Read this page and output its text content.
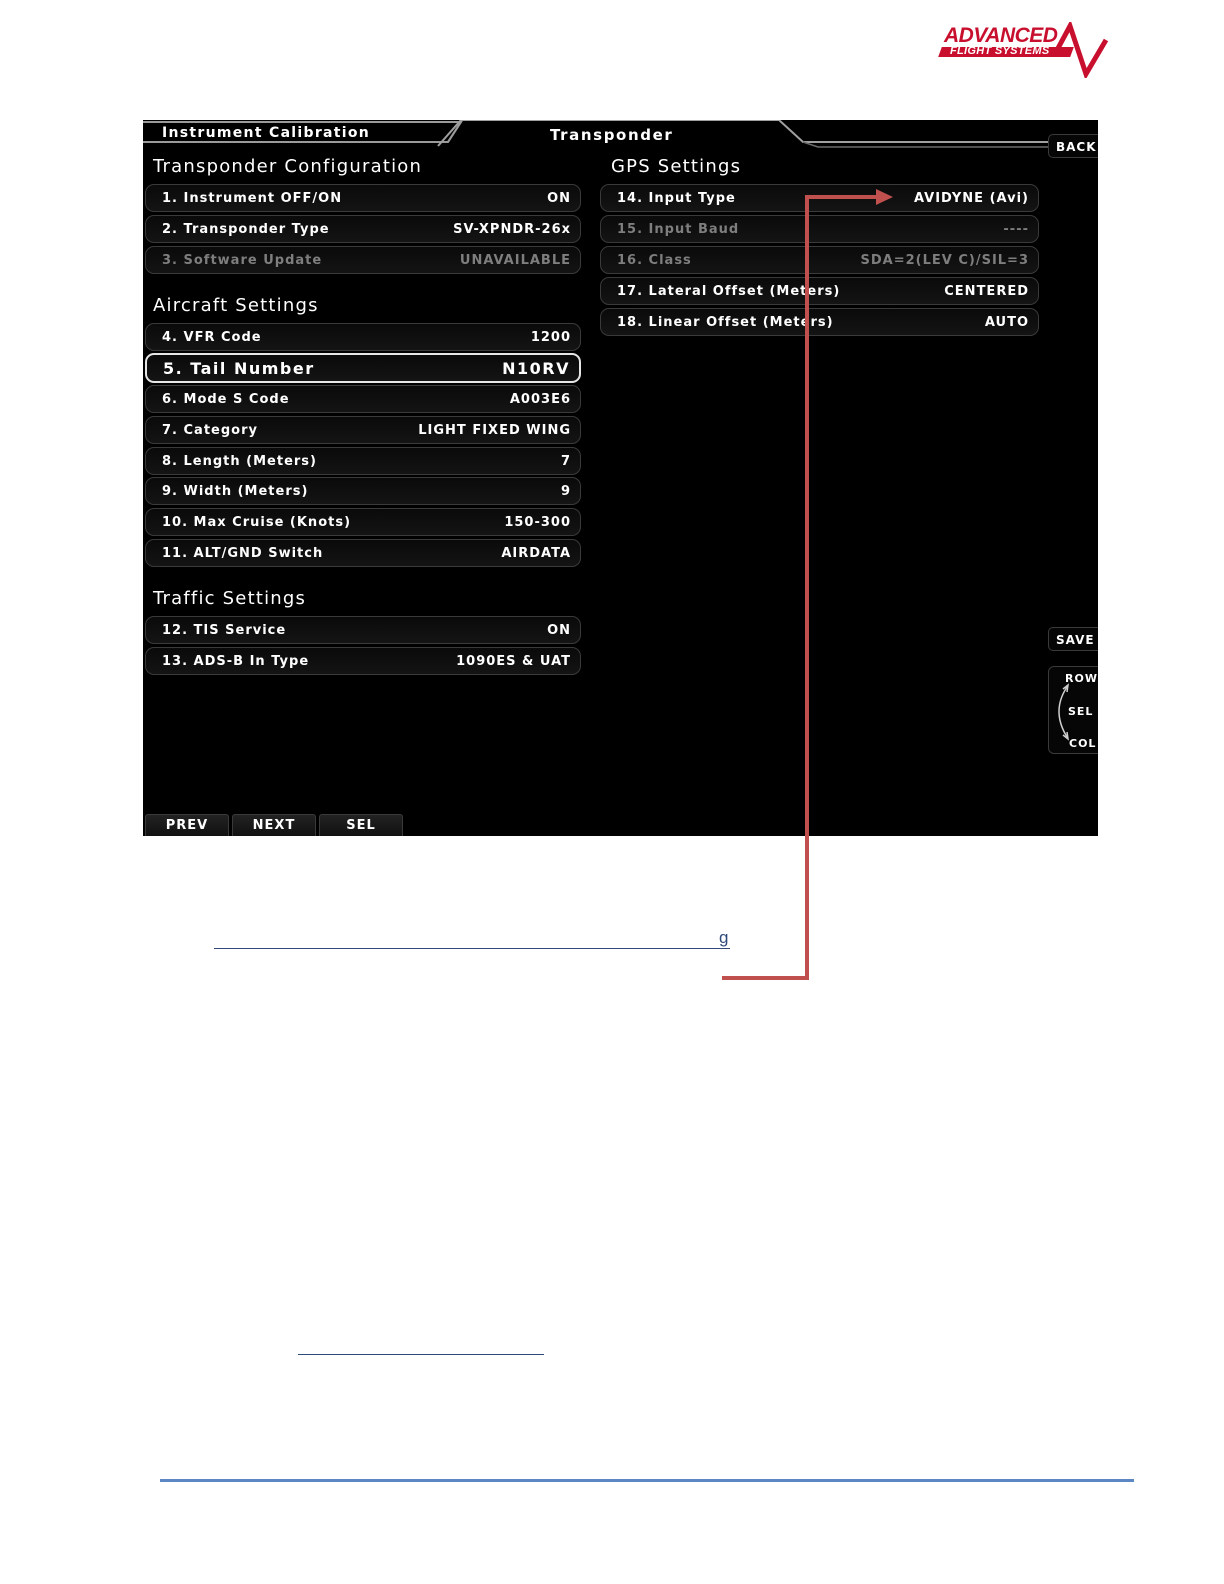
ADVANCED
FLIGHT SYSTEMS
Instrument Calibration	Transponder
Transponder Configuration
1. Instrument OFF/ON	ON
2. Transponder Type	SV-XPNDR-26x
3. Software Update	UNAVAILABLE
Aircraft Settings
4. VFR Code	1200
5. Tail Number	N10RV
6. Mode S Code	A003E6
7. Category	LIGHT FIXED WING
8. Length (Meters)	7
9. Width (Meters)	9
10. Max Cruise (Knots)	150-300
11. ALT/GND Switch	AIRDATA
Traffic Settings
12. TIS Service	ON
13. ADS-B In Type	1090ES & UAT
GPS Settings
14. Input Type	AVIDYNE (Avi)
15. Input Baud	----
16. Class	SDA=2(LEV C)/SIL=3
17. Lateral Offset (Meters)	CENTERED
18. Linear Offset (Meters)	AUTO
BACK
SAVE
ROW
SEL
COL
PREV	NEXT	SEL
g
